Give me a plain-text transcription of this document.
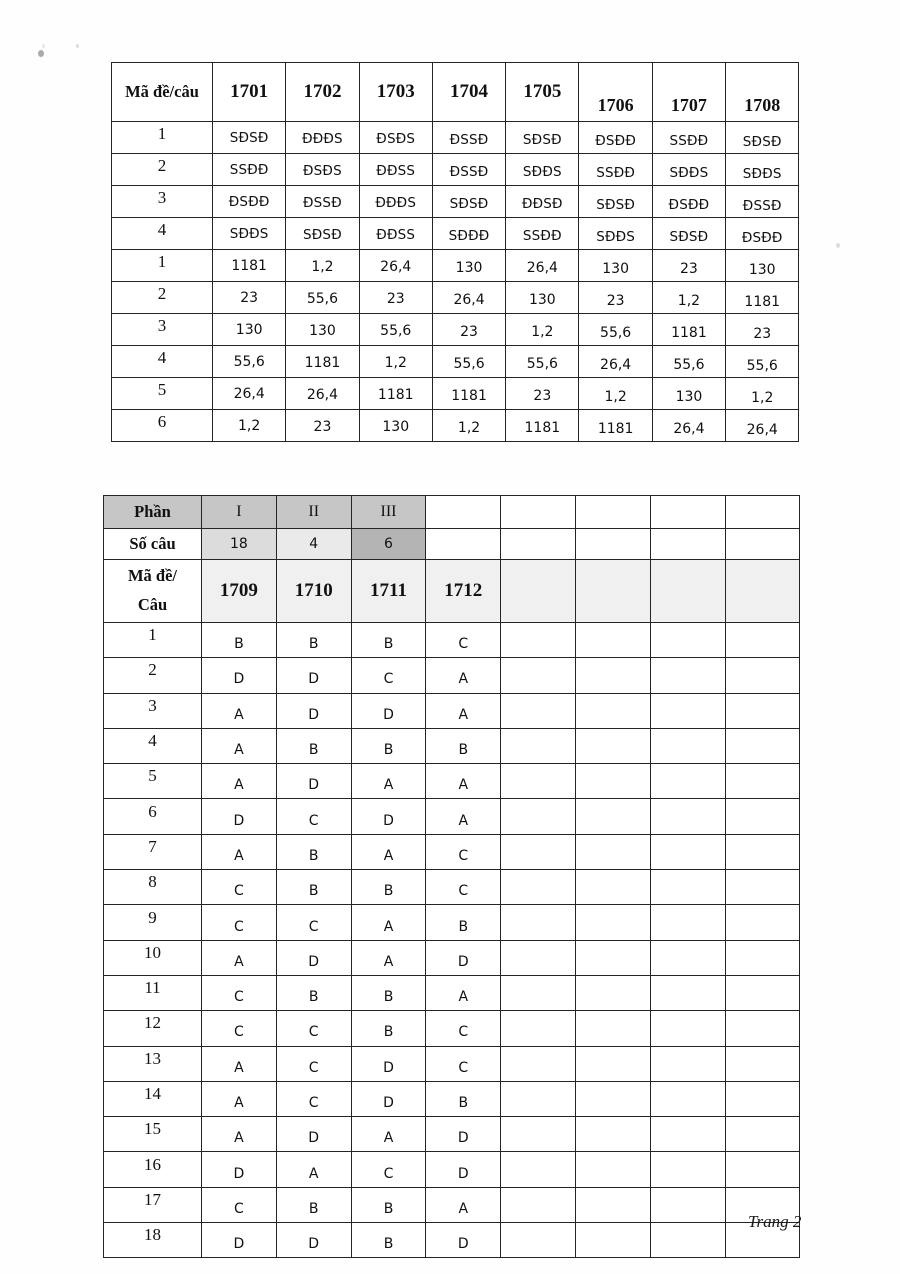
Mã đề/câu	1701	1702	1703	1704	1705	1706	1707	1708

1	SĐSĐ	ĐĐĐS	ĐSĐS	ĐSSĐ	SĐSĐ	ĐSĐĐ	SSĐĐ	SĐSĐ

2	SSĐĐ	ĐSĐS	ĐĐSS	ĐSSĐ	SĐĐS	SSĐĐ	SĐĐS	SĐĐS

3	ĐSĐĐ	ĐSSĐ	ĐĐĐS	SĐSĐ	ĐĐSĐ	SĐSĐ	ĐSĐĐ	ĐSSĐ

4	SĐĐS	SĐSĐ	ĐĐSS	SĐĐĐ	SSĐĐ	SĐĐS	SĐSĐ	ĐSĐĐ

1	1181	1,2	26,4	130	26,4	130	23	130

2	23	55,6	23	26,4	130	23	1,2	1181

3	130	130	55,6	23	1,2	55,6	1181	23

4	55,6	1181	1,2	55,6	55,6	26,4	55,6	55,6

5	26,4	26,4	1181	1181	23	1,2	130	1,2

6	1,2	23	130	1,2	1181	1181	26,4	26,4
Phần	I	II	III					
Số câu	18	4	6					

Mã đề/
Câu	1709	1710	1711	1712				

1	B	B	B	C				

2	D	D	C	A				

3	A	D	D	A				

4	A	B	B	B				

5	A	D	A	A				

6	D	C	D	A				

7	A	B	A	C				

8	C	B	B	C				

9	C	C	A	B				

10	A	D	A	D				

11	C	B	B	A				

12	C	C	B	C				

13	A	C	D	C				

14	A	C	D	B				

15	A	D	A	D				

16	D	A	C	D				

17	C	B	B	A				

18	D	D	B	D				

Trang 2
